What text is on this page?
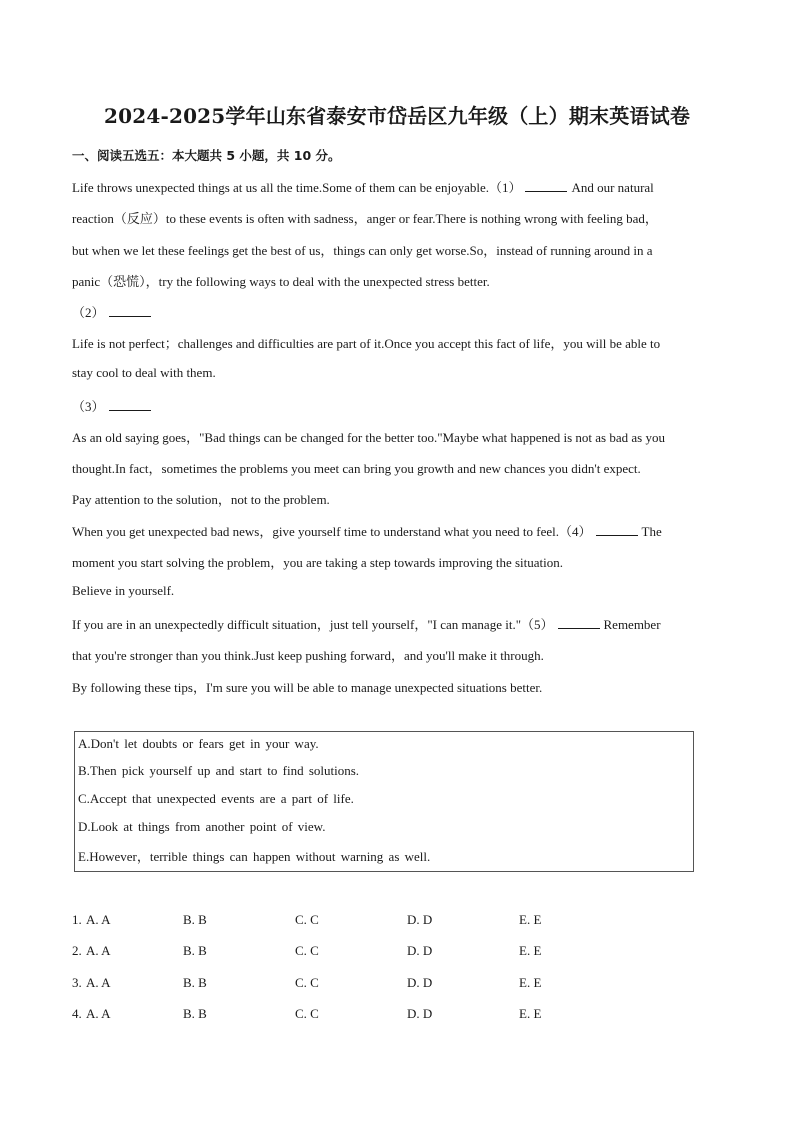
2024-2025学年山东省泰安市岱岳区九年级（上）期末英语试卷
一、阅读五选五：本大题共 5 小题，共 10 分。
Life throws unexpected things at us all the time.Some of them can be enjoyable.（1）	And our natural
reaction（反应）to these events is often with sadness，anger or fear.There is nothing wrong with feeling bad，
but when we let these feelings get the best of us，things can only get worse.So，instead of running around in a
panic（恐慌），try the following ways to deal with the unexpected stress better.
（2）
Life is not perfect；challenges and difficulties are part of it.Once you accept this fact of life，you will be able to
stay cool to deal with them.
（3）
As an old saying goes，"Bad things can be changed for the better too."Maybe what happened is not as bad as you
thought.In fact，sometimes the problems you meet can bring you growth and new chances you didn't expect.
Pay attention to the solution，not to the problem.
When you get unexpected bad news，give yourself time to understand what you need to feel.（4）	The
moment you start solving the problem，you are taking a step towards improving the situation.
Believe in yourself.
If you are in an unexpectedly difficult situation，just tell yourself，"I can manage it."（5）	Remember
that you're stronger than you think.Just keep pushing forward，and you'll make it through.
By following these tips，I'm sure you will be able to manage unexpected situations better.
A.Don't let doubts or fears get in your way.
B.Then pick yourself up and start to find solutions.
C.Accept that unexpected events are a part of life.
D.Look at things from another point of view.
E.However，terrible things can happen without warning as well.
1. A. A	B. B	C. C	D. D	E. E
2. A. A	B. B	C. C	D. D	E. E
3. A. A	B. B	C. C	D. D	E. E
4. A. A	B. B	C. C	D. D	E. E
